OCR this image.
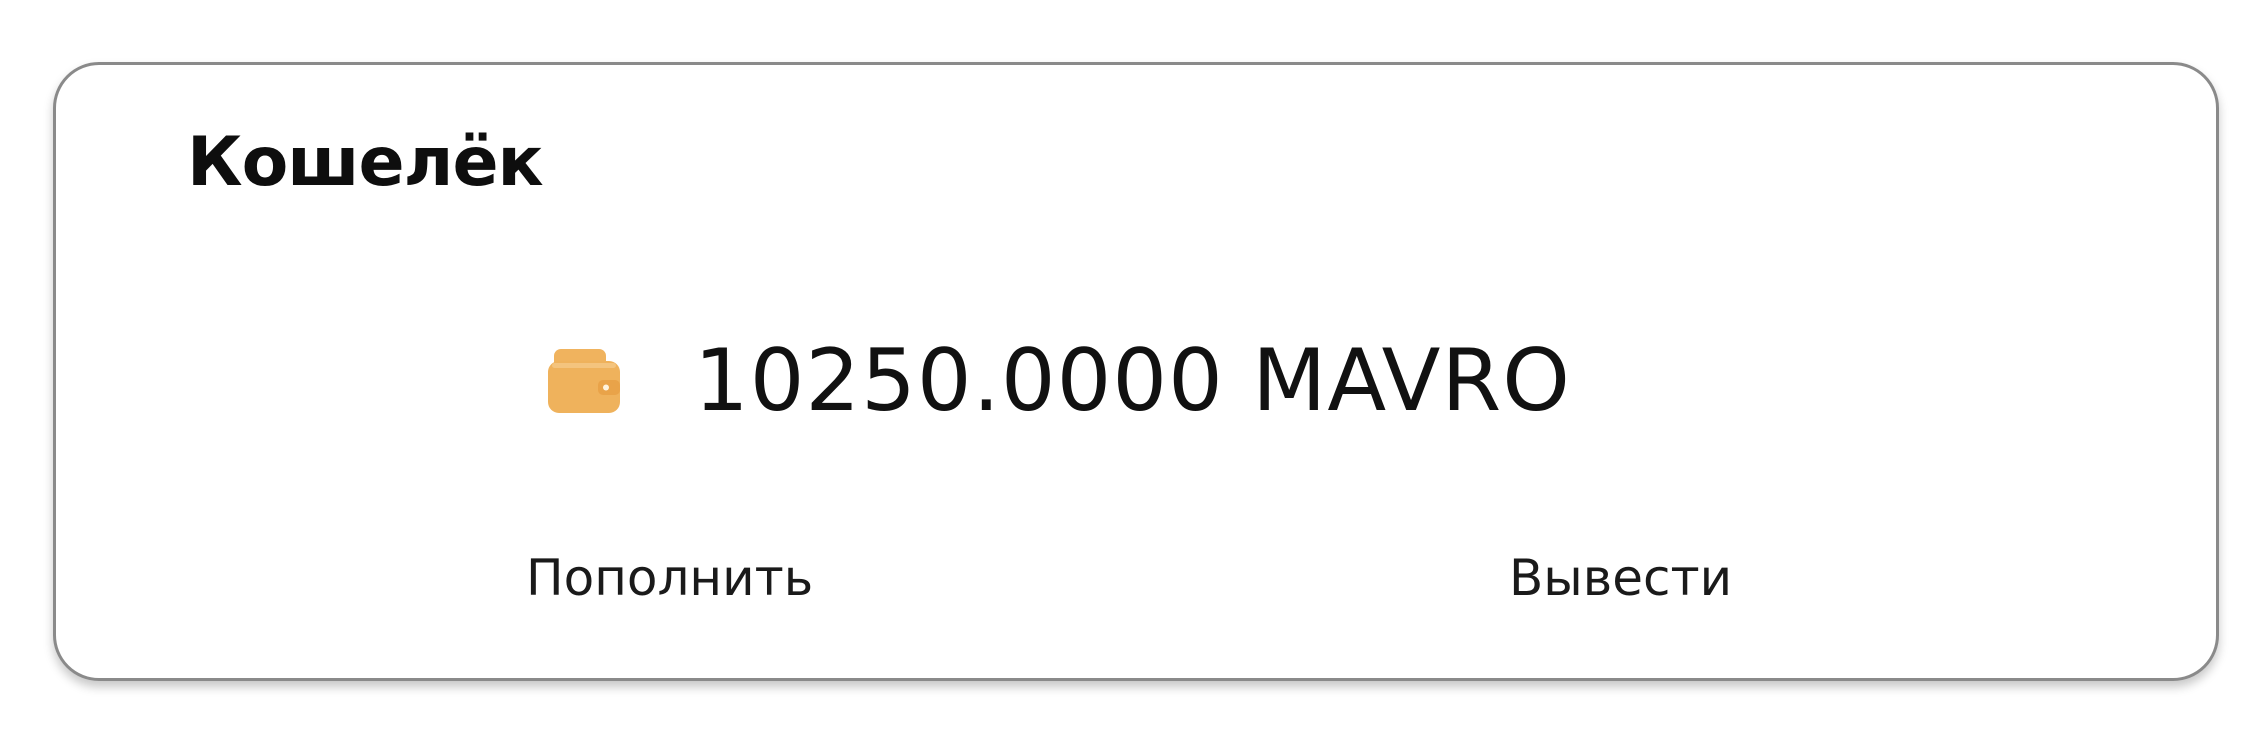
Кошелёк
10250.0000 MAVRO
Пополнить	Вывести
